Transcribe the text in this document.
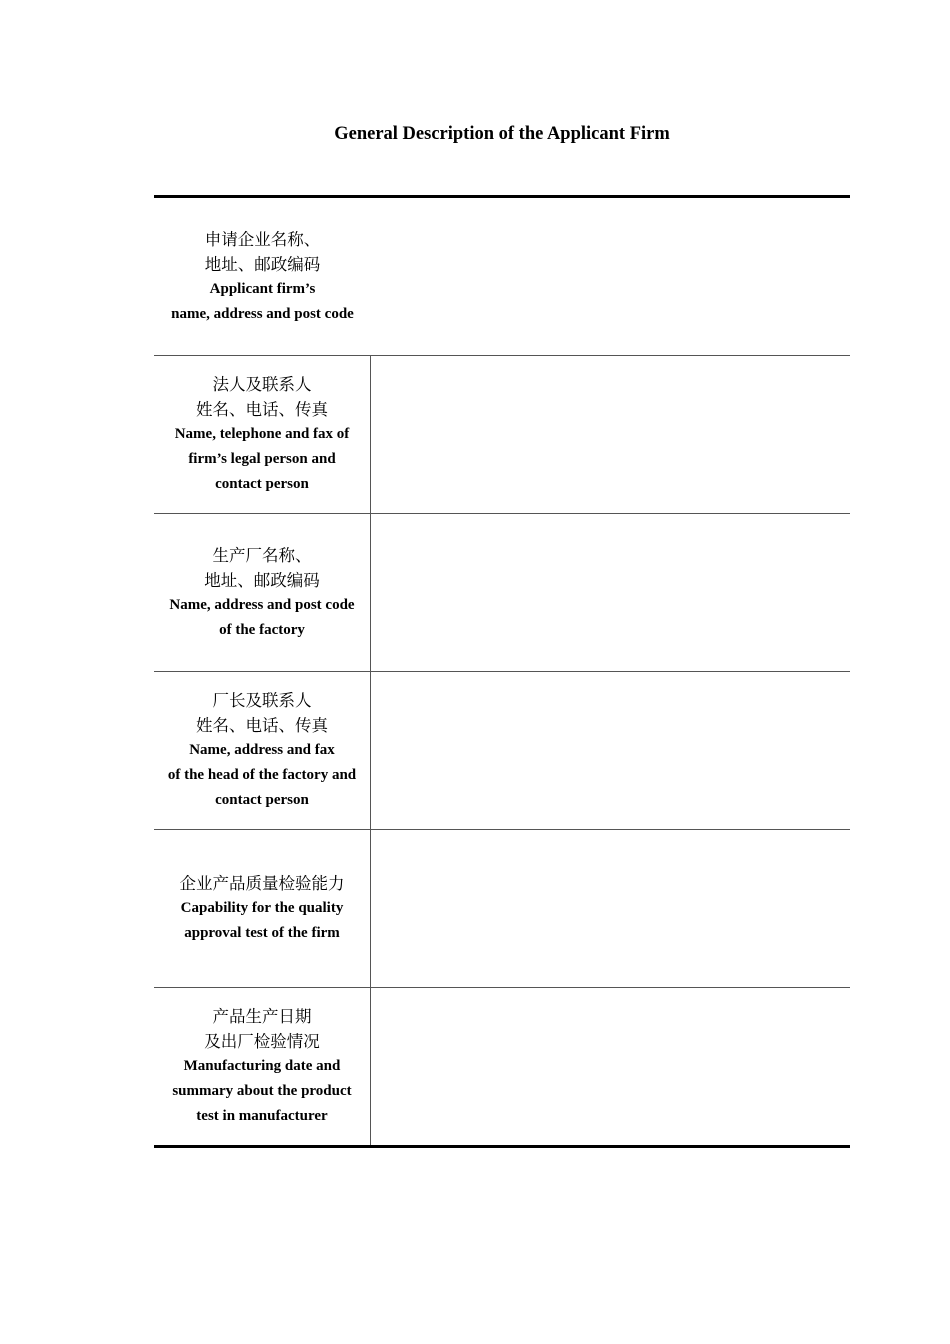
General Description of the Applicant Firm
申请企业名称、
地址、邮政编码
Applicant firm’s
name, address and post code
法人及联系人
姓名、电话、传真
Name, telephone and fax of
firm’s legal person and
contact person
生产厂名称、
地址、邮政编码
Name, address and post code
of the factory
厂长及联系人
姓名、电话、传真
Name, address and fax
of the head of the factory and
contact person
企业产品质量检验能力
Capability for the quality
approval test of the firm
产品生产日期
及出厂检验情况
Manufacturing date and
summary about the product
test in manufacturer
